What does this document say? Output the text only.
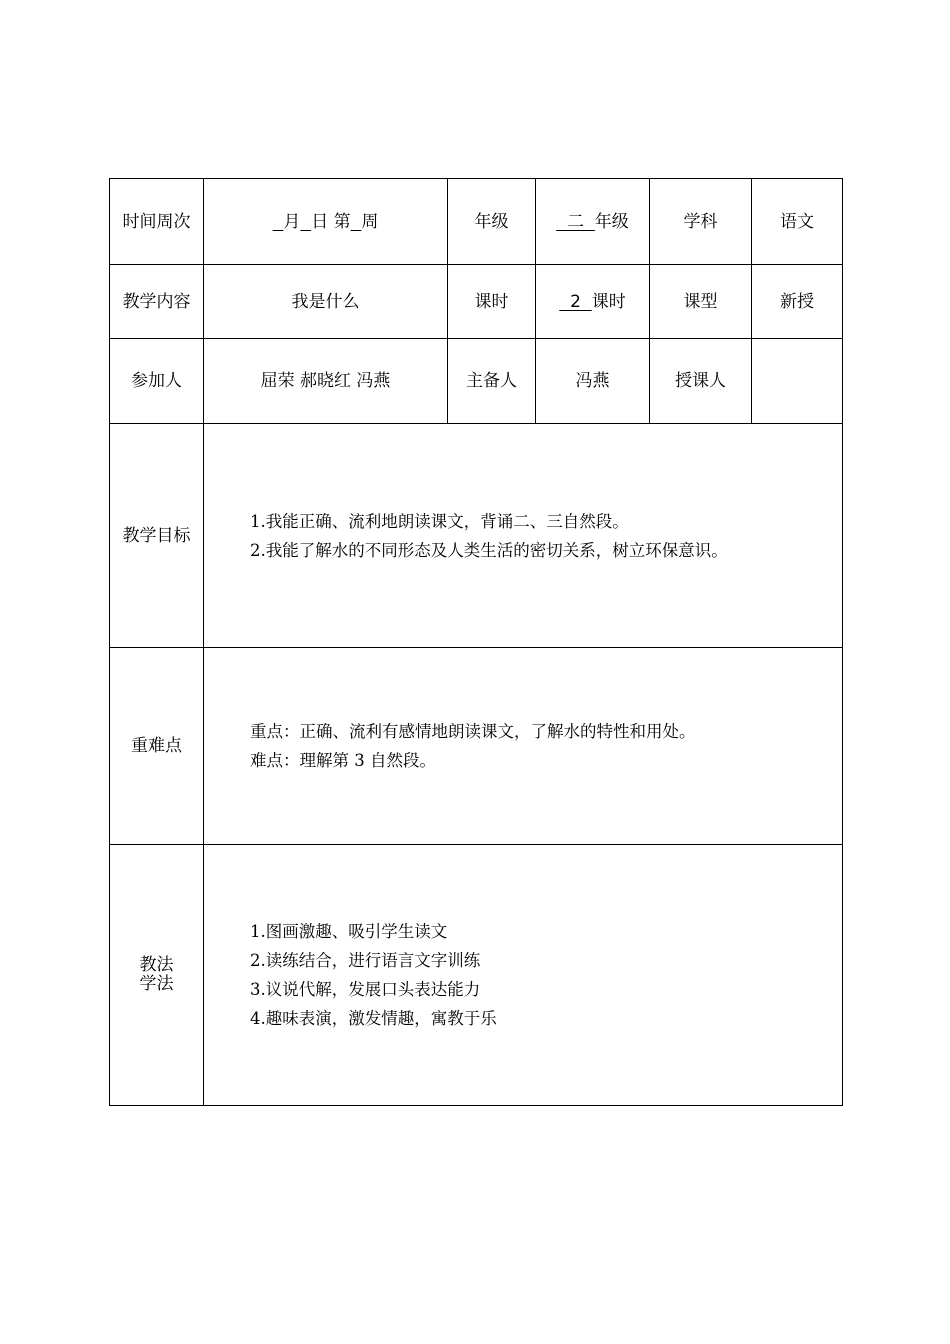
时间周次	月 日 第 周	年级	二  年级	学科	语文
教学内容	我是什么	课时	2  课时	课型	新授
参加人	屈荣 郝晓红 冯燕	主备人	冯燕	授课人	
教学目标	1.我能正确、流利地朗读课文，背诵二、三自然段。
2.我能了解水的不同形态及人类生活的密切关系，树立环保意识。				

重难点	重点：正确、流利有感情地朗读课文，了解水的特性和用处。
难点：理解第 3 自然段。				

教法
学法	1.图画激趣、吸引学生读文
2.读练结合，进行语言文字训练
3.议说代解，发展口头表达能力
4.趣味表演，激发情趣，寓教于乐				
